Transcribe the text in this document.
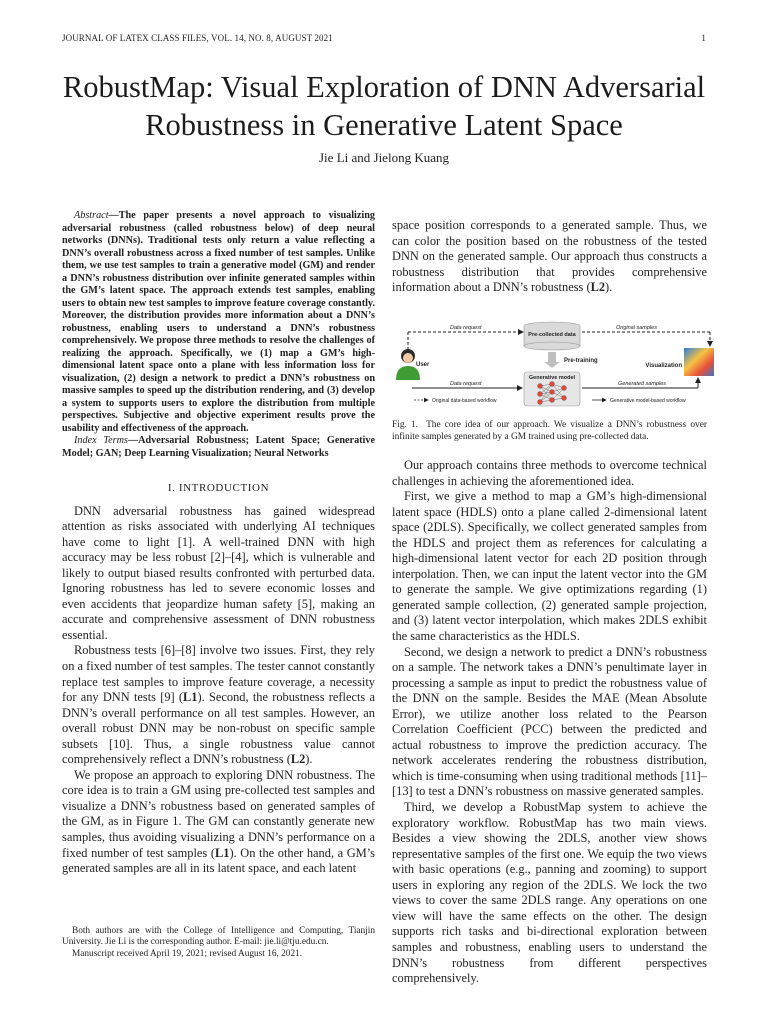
JOURNAL OF LATEX CLASS FILES, VOL. 14, NO. 8, AUGUST 2021	1
RobustMap: Visual Exploration of DNN Adversarial
Robustness in Generative Latent Space
Jie Li and Jielong Kuang

Abstract—The paper presents a novel approach to visualizing adversarial robustness (called robustness below) of deep neural networks (DNNs). Traditional tests only return a value reflecting a DNN’s overall robustness across a fixed number of test samples. Unlike them, we use test samples to train a generative model (GM) and render a DNN’s robustness distribution over infinite generated samples within the GM’s latent space. The approach extends test samples, enabling users to obtain new test samples to improve feature coverage constantly. Moreover, the distribution provides more information about a DNN’s robustness, enabling users to understand a DNN’s robustness comprehensively. We propose three methods to resolve the challenges of realizing the approach. Specifically, we (1) map a GM’s high-dimensional latent space onto a plane with less information loss for visualization, (2) design a network to predict a DNN’s robustness on massive samples to speed up the distribution rendering, and (3) develop a system to supports users to explore the distribution from multiple perspectives. Subjective and objective experiment results prove the usability and effectiveness of the approach.

Index Terms—Adversarial Robustness; Latent Space; Generative Model; GAN; Deep Learning Visualization; Neural Networks

I. INTRODUCTION

DNN adversarial robustness has gained widespread attention as risks associated with underlying AI techniques have come to light [1]. A well-trained DNN with high accuracy may be less robust [2]–[4], which is vulnerable and likely to output biased results confronted with perturbed data. Ignoring robustness has led to severe economic losses and even accidents that jeopardize human safety [5], making an accurate and comprehensive assessment of DNN robustness essential.

Robustness tests [6]–[8] involve two issues. First, they rely on a fixed number of test samples. The tester cannot constantly replace test samples to improve feature coverage, a necessity for any DNN tests [9] (L1). Second, the robustness reflects a DNN’s overall performance on all test samples. However, an overall robust DNN may be non-robust on specific sample subsets [10]. Thus, a single robustness value cannot comprehensively reflect a DNN’s robustness (L2).

We propose an approach to exploring DNN robustness. The core idea is to train a GM using pre-collected test samples and visualize a DNN’s robustness based on generated samples of the GM, as in Figure 1. The GM can constantly generate new samples, thus avoiding visualizing a DNN’s performance on a fixed number of test samples (L1). On the other hand, a GM’s generated samples are all in its latent space, and each latent

Both authors are with the College of Intelligence and Computing, Tianjin University. Jie Li is the corresponding author. E-mail: jie.li@tju.edu.cn.

Manuscript received April 19, 2021; revised August 16, 2021.

space position corresponds to a generated sample. Thus, we can color the position based on the robustness of the tested DNN on the generated sample. Our approach thus constructs a robustness distribution that provides comprehensive information about a DNN’s robustness (L2).

Data request	Original samples
Pre-collected data
Pre-training
User	Visualization
Generative model
Data request	Generated samples
Original data-based workflow	Generative model-based workflow
Fig. 1. The core idea of our approach. We visualize a DNN’s robustness over infinite samples generated by a GM trained using pre-collected data.

Our approach contains three methods to overcome technical challenges in achieving the aforementioned idea.

First, we give a method to map a GM’s high-dimensional latent space (HDLS) onto a plane called 2-dimensional latent space (2DLS). Specifically, we collect generated samples from the HDLS and project them as references for calculating a high-dimensional latent vector for each 2D position through interpolation. Then, we can input the latent vector into the GM to generate the sample. We give optimizations regarding (1) generated sample collection, (2) generated sample projection, and (3) latent vector interpolation, which makes 2DLS exhibit the same characteristics as the HDLS.

Second, we design a network to predict a DNN’s robustness on a sample. The network takes a DNN’s penultimate layer in processing a sample as input to predict the robustness value of the DNN on the sample. Besides the MAE (Mean Absolute Error), we utilize another loss related to the Pearson Correlation Coefficient (PCC) between the predicted and actual robustness to improve the prediction accuracy. The network accelerates rendering the robustness distribution, which is time-consuming when using traditional methods [11]–[13] to test a DNN’s robustness on massive generated samples.

Third, we develop a RobustMap system to achieve the exploratory workflow. RobustMap has two main views. Besides a view showing the 2DLS, another view shows representative samples of the first one. We equip the two views with basic operations (e.g., panning and zooming) to support users in exploring any region of the 2DLS. We lock the two views to cover the same 2DLS range. Any operations on one view will have the same effects on the other. The design supports rich tasks and bi-directional exploration between samples and robustness, enabling users to understand the DNN’s robustness from different perspectives comprehensively.
